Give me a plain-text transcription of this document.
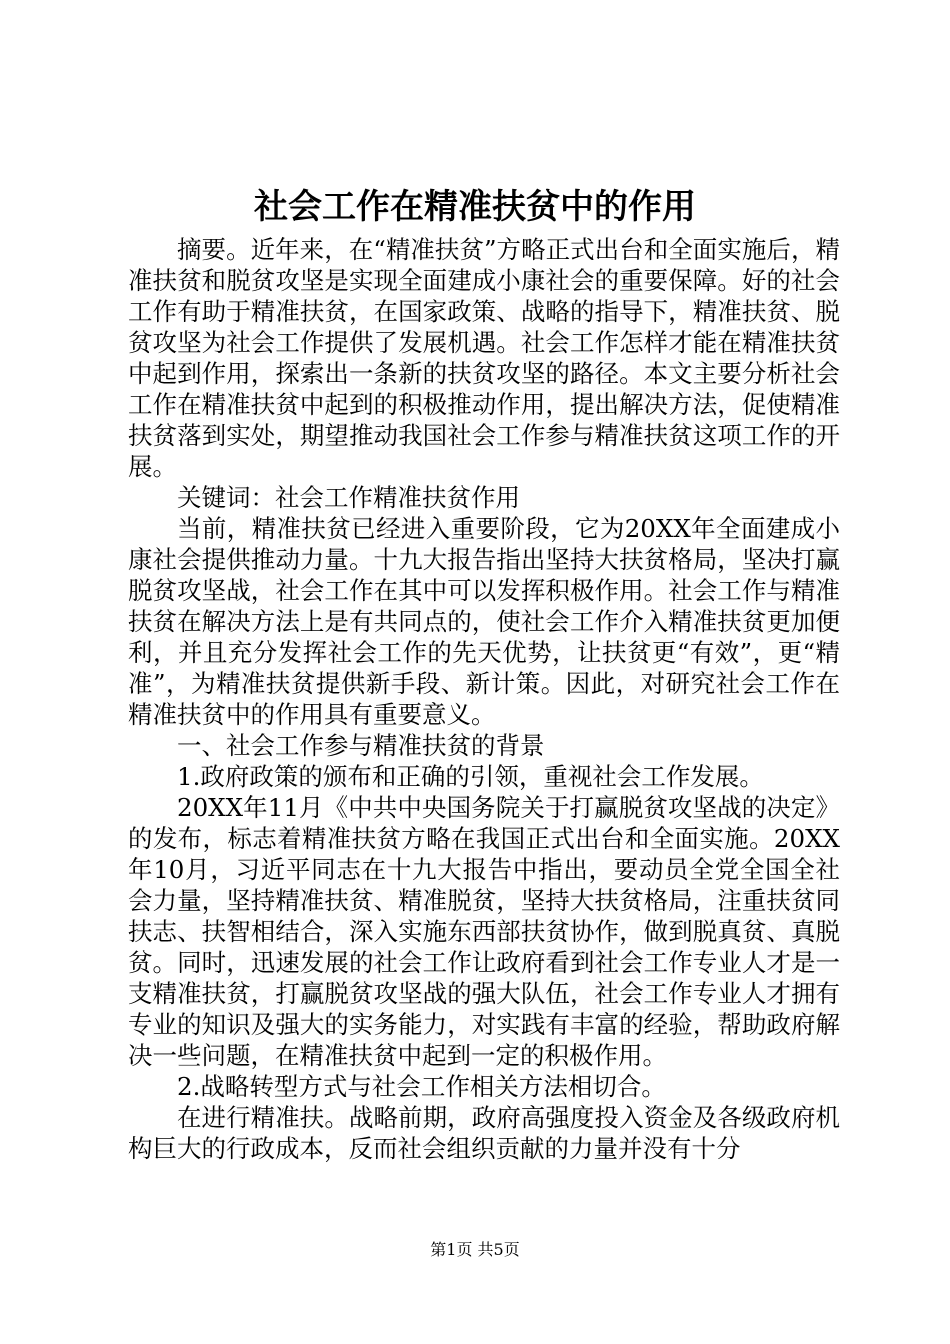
社会工作在精准扶贫中的作用

摘要。近年来，在“精准扶贫”方略正式出台和全面实施后，精准扶贫和脱贫攻坚是实现全面建成小康社会的重要保障。好的社会工作有助于精准扶贫，在国家政策、战略的指导下，精准扶贫、脱贫攻坚为社会工作提供了发展机遇。社会工作怎样才能在精准扶贫中起到作用，探索出一条新的扶贫攻坚的路径。本文主要分析社会工作在精准扶贫中起到的积极推动作用，提出解决方法，促使精准扶贫落到实处，期望推动我国社会工作参与精准扶贫这项工作的开展。

关键词：社会工作精准扶贫作用

当前，精准扶贫已经进入重要阶段，它为20XX年全面建成小康社会提供推动力量。十九大报告指出坚持大扶贫格局，坚决打赢脱贫攻坚战，社会工作在其中可以发挥积极作用。社会工作与精准扶贫在解决方法上是有共同点的，使社会工作介入精准扶贫更加便利，并且充分发挥社会工作的先天优势，让扶贫更“有效”，更“精准”，为精准扶贫提供新手段、新计策。因此，对研究社会工作在精准扶贫中的作用具有重要意义。

一、社会工作参与精准扶贫的背景

1.政府政策的颁布和正确的引领，重视社会工作发展。

20XX年11月《中共中央国务院关于打赢脱贫攻坚战的决定》的发布，标志着精准扶贫方略在我国正式出台和全面实施。20XX年10月，习近平同志在十九大报告中指出，要动员全党全国全社会力量，坚持精准扶贫、精准脱贫，坚持大扶贫格局，注重扶贫同扶志、扶智相结合，深入实施东西部扶贫协作，做到脱真贫、真脱贫。同时，迅速发展的社会工作让政府看到社会工作专业人才是一支精准扶贫，打赢脱贫攻坚战的强大队伍，社会工作专业人才拥有专业的知识及强大的实务能力，对实践有丰富的经验，帮助政府解决一些问题，在精准扶贫中起到一定的积极作用。

2.战略转型方式与社会工作相关方法相切合。

在进行精准扶。战略前期，政府高强度投入资金及各级政府机构巨大的行政成本，反而社会组织贡献的力量并没有十分

第1页 共5页
